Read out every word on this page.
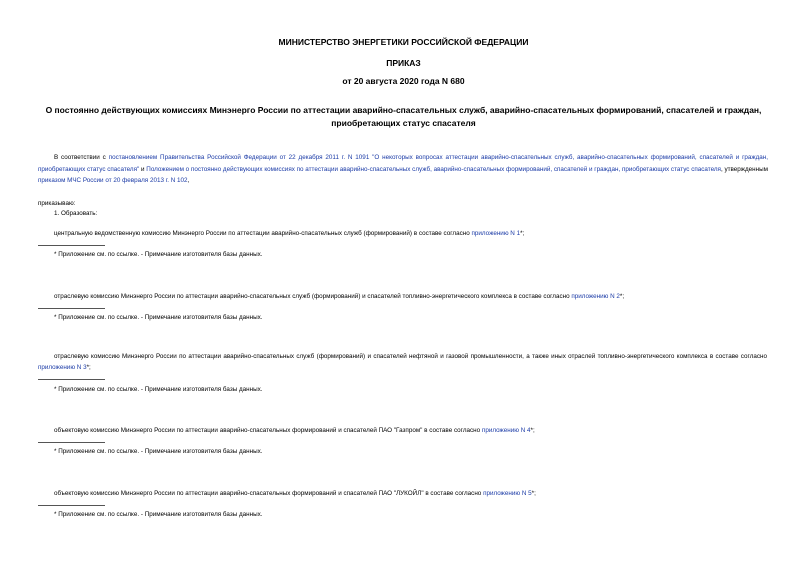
МИНИСТЕРСТВО ЭНЕРГЕТИКИ РОССИЙСКОЙ ФЕДЕРАЦИИ
ПРИКАЗ
от 20 августа 2020 года N 680
О постоянно действующих комиссиях Минэнерго России по аттестации аварийно-спасательных служб, аварийно-спасательных формирований, спасателей и граждан, приобретающих статус спасателя
В соответствии с постановлением Правительства Российской Федерации от 22 декабря 2011 г. N 1091 "О некоторых вопросах аттестации аварийно-спасательных служб, аварийно-спасательных формирований, спасателей и граждан, приобретающих статус спасателя" и Положением о постоянно действующих комиссиях по аттестации аварийно-спасательных служб, аварийно-спасательных формирований, спасателей и граждан, приобретающих статус спасателя, утвержденным приказом МЧС России от 20 февраля 2013 г. N 102,
приказываю:
1. Образовать:
центральную ведомственную комиссию Минэнерго России по аттестации аварийно-спасательных служб (формирований) в составе согласно приложению N 1*;
* Приложение см. по ссылке. - Примечание изготовителя базы данных.
отраслевую комиссию Минэнерго России по аттестации аварийно-спасательных служб (формирований) и спасателей топливно-энергетического комплекса в составе согласно приложению N 2*;
* Приложение см. по ссылке. - Примечание изготовителя базы данных.
отраслевую комиссию Минэнерго России по аттестации аварийно-спасательных служб (формирований) и спасателей нефтяной и газовой промышленности, а также иных отраслей топливно-энергетического комплекса в составе согласно приложению N 3*;
* Приложение см. по ссылке. - Примечание изготовителя базы данных.
объектовую комиссию Минэнерго России по аттестации аварийно-спасательных формирований и спасателей ПАО "Газпром" в составе согласно приложению N 4*;
* Приложение см. по ссылке. - Примечание изготовителя базы данных.
объектовую комиссию Минэнерго России по аттестации аварийно-спасательных формирований и спасателей ПАО "ЛУКОЙЛ" в составе согласно приложению N 5*;
* Приложение см. по ссылке. - Примечание изготовителя базы данных.
